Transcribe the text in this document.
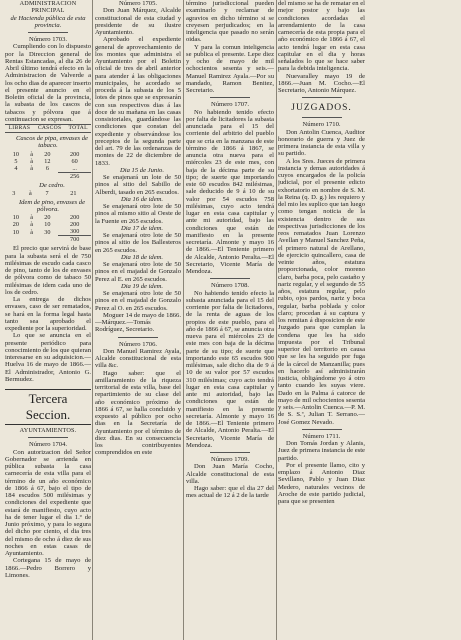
ADMINISTRACION PRINCIPAL

de Hacienda pública de esta provincia.

Número 1703.

Cumpliendo con lo dispuesto por la Direccion general de Rentas Estancadas, al dia 26 de Abril último tendrá efecto en la Administracion de Valverde a los ocho dias de aparecer inserto el presente anuncio en el Boletin oficial de la provincia, la subasta de los cascos de tabacos y pólvora que á continuacion se expresan.

LIBRAS	CASCOS	TOTAL

Cascos de pipa, envases de tabaco.

10	à	20	200
5	à	12	60
4	à	6	...
			256

De cedro.

3	à	7	21

Idem de pino, envases de pólvora.

10	à	20	200
20	à	10	200
10	à	30	300
			700

El precio que servirá de base para la subasta será el de 750 milésimas de escudo cada casco de pino, tanto de los de envases de pólvora como de tabaco 50 milésimas de idem cada uno de los de cedro.

La entrega de dichos envases, caso de ser rematados, se hará en la forma legal hasta tanto sea aprobado el expediente por la superioridad.

Lo que se anuncia en el presente periódico para conocimiento de los que quieran interesarse en su adquisicion.—Huelva 16 de mayo de 1866.—El Administrador, Antonio G. Bermudez.

Tercera Seccion.

AYUNTAMIENTOS.

Número 1704.

Con autorizacion del Señor Gobernador se arrienda en pública subasta la casa carnecería de esta villa para el término de un año económico de 1866 á 67, bajo el tipo de 184 escudos 500 milésimas y condiciones del expediente que estará de manifiesto, cuyo acto ha de tener lugar el dia 1.º de Junio próximo, y para lo segura del dicho por ciento, el dia tres del mismo de ocho á diez de sus noches en estas casas de Ayuntamiento.

Cortegana 15 de mayo de 1866.—Pedro Borrero y Limones.

Número 1705.

Don Juan Márquez, Alcalde constitucional de esta ciudad y presidente de su ilustre Ayuntamiento.

Aprobado el expediente general de aprovechamiento de los montes que administra el Ayuntamiento por el Boletin oficial de tres de abril anterior para atender á las obligaciones municipales, he acordado se proceda á la subasta de los 5 lotes de pinos que se expresarán con sus respectivos dias á las doce de su mañana en las casas consistoriales, guardándose las condiciones que constan del expediente y observándose los preceptos de la segunda parte del art. 79 de las ordenanzas de montes de 22 de diciembre de 1833.

Dia 15 de Junio.

Se enajenará un lote de 50 pinos al sitio del Sabillo de Alberdi, tasado en 265 escudos.

Dia 16 de idem.

Se enajenará otro lote de 50 pinos al mismo sitio al Oeste de la Fuente en 265 escudos.

Dia 17 de idem.

Se enajenará otro lote de 50 pinos al sitio de los Ballesteros en 265 escudos.

Dia 18 de idem.

Se enajenará otro lote de 50 pinos en el majadal de Gonzalo Perez al E. en 265 escudos.

Dia 19 de idem.

Se enajenará otro lote de 50 pinos en el majadal de Gonzalo Perez al O. en 265 escudos.

Moguer 14 de mayo de 1866.—Márquez.—Tomás Rodríguez, Secretario.

Número 1706.

Don Manuel Ramirez Ayala, Alcalde constitucional de esta villa &c.

Hago saber: que el amillaramiento de la riqueza territorial de esta villa, base del repartimiento de su clase del año económico próximo de 1866 á 67, se halla concluido y expuesto al público por ocho dias en la Secretaría de Ayuntamiento por el término de diez dias. En su consecuencia los contribuyentes comprendidos en este

término jurisdiccional pueden examinarlo y reclamar de agravios en dicho término si se creyesen perjudicados; en la inteligencia que pasado no serán oidas.

Y para la comun inteligencia se publica el presente. Lepe diez y ocho de mayo de mil ochocientos sesenta y seis.—Manuel Ramirez Ayala.—Por su mandado, Ramon Benitez, Secretario.

Número 1707.

No habiendo tenido efecto por falta de licitadores la subasta anunciada para el 15 del corriente del arbitrio del pueblo que se cria en la manzana de este término de 1866 á 1867, se anuncia otra nueva para el miércoles 23 de este mes, con baja de la décima parte de su tipo; de suerte que importando este 60 escudos 842 milésimas, sale deducido de 9 á 10 de su valor por 54 escudos 758 milésimas, cuyo acto tendrá lugar en esta casa capitular y ante mi autoridad, bajo las condiciones que están de manifiesto en la presente secretaría. Almonte y mayo 16 de 1866.—El Teniente primero de Alcalde, Antonio Peralta.—El Secretario, Vicente María de Mendoza.

Número 1708.

No habiendo tenido efecto la subasta anunciada para el 15 del corriente por falta de licitadores, de la renta de aguas de los propios de este pueblo, para el año de 1866 á 67, se anuncia otra nueva para el miércoles 23 de este mes con baja de la décima parte de su tipo; de suerte que importando este 65 escudos 900 milésimas, sale dicho dia de 9 á 10 de su valor por 57 escudos 310 milésimas; cuyo acto tendrá lugar en esta casa capitular y ante mi autoridad, bajo las condiciones que están de manifiesto en la presente secretaría. Almonte y mayo 16 de 1866.—El Teniente primero de Alcalde, Antonio Peralta.—El Secretario, Vicente María de Mendoza.

Número 1709.

Don Juan María Cocho, Alcalde constitucional de esta villa.

Hago saber: que el dia 27 del mes actual de 12 á 2 de la tarde

del mismo se ha de rematar en el mejor postor y bajo las condiciones acordadas el arrendamiento de la casa carnecería de esta propia para el año económico de 1866 á 67, el acto tendrá lugar en esta casa capitular en el dia y horas señalados lo que se hace saber para la debida inteligencia.

Nuevaralley mayo 19 de 1866.—Juan M. Cocho.—El Secretario, Antonio Márquez.

JUZGADOS.

Número 1710.

Don Antolin Cuenca, Auditor honorario de guerra y Juez de primera instancia de esta villa y su partido.

A los Sres. Jueces de primera instancia y demas autoridades á cuyos encargados de la policía judicial, por el presente edicto exhortatorio en nombre de S. M. la Reina (q. D. g.) les requiero y del mio les suplico que tan luego como tengan noticia de la existencia dentro de sus respectivas jurisdicciones de los reos rematados Juan Lorenzo Avellan y Manuel Sanchez Peña, el primero natural de Arellano, de ejercicio quincallero, casa de veinte años, estatura proporcionada, color moreno claro, barba poca, pelo castaño y nariz regular, y el segundo de 55 años, estatura regular, pelo rubio, ojos pardos, nariz y boca regular, barba poblada y color claro; procedan á su captura y los remitan á disposicion de este Juzgado para que cumplan la condena que les ha sido impuesta por el Tribunal superior del territorio en causa que se les ha seguido por fuga de la cárcel de Manzanilla; pues en hacerlo así administrarán justicia, obligándome yo á otro tanto cuando les suyas viere. Dado en la Palma á catorce de mayo de mil ochocientos sesenta y seis.—Antolin Cuenca.—P. M. de S. S.ª, Julian T. Serrano.—José Gomez Nevado.

Número 1711.

Don Tomás Jordan y Alanis, Juez de primera instancia de este partido.

Por el presente llamo, cito y emplazo á Antonio Diaz Sevillano, Pablo y Juan Diaz Medero, naturales vecinos de Aroche de este partido judicial, para que se presenten
